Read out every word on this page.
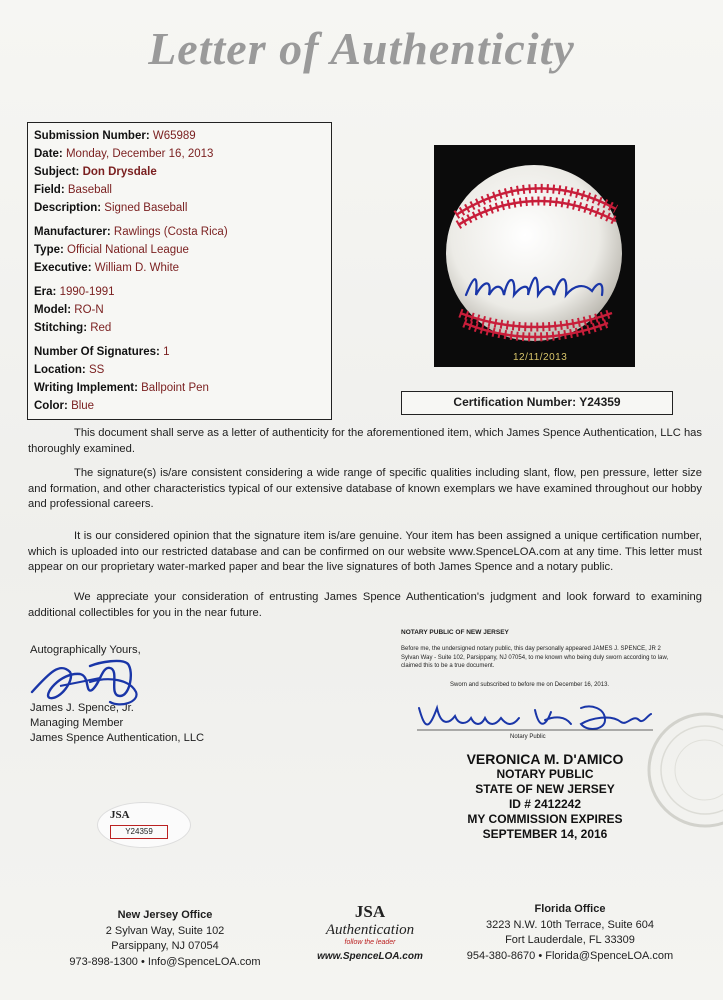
Letter of Authenticity
Submission Number: W65989
Date: Monday, December 16, 2013
Subject: Don Drysdale
Field: Baseball
Description: Signed Baseball
Manufacturer: Rawlings (Costa Rica)
Type: Official National League
Executive: William D. White
Era: 1990-1991
Model: RO-N
Stitching: Red
Number Of Signatures: 1
Location: SS
Writing Implement: Ballpoint Pen
Color: Blue
12/11/2013
Certification Number: Y24359
This document shall serve as a letter of authenticity for the aforementioned item, which James Spence Authentication, LLC has thoroughly examined.
The signature(s) is/are consistent considering a wide range of specific qualities including slant, flow, pen pressure, letter size and formation, and other characteristics typical of our extensive database of known exemplars we have examined throughout our hobby and professional careers.
It is our considered opinion that the signature item is/are genuine. Your item has been assigned a unique certification number, which is uploaded into our restricted database and can be confirmed on our website www.SpenceLOA.com at any time. This letter must appear on our proprietary water-marked paper and bear the live signatures of both James Spence and a notary public.
We appreciate your consideration of entrusting James Spence Authentication's judgment and look forward to examining additional collectibles for you in the near future.
Autographically Yours,
James J. Spence, Jr.
Managing Member
James Spence Authentication, LLC
NOTARY PUBLIC OF NEW JERSEY
Before me, the undersigned notary public, this day personally appeared JAMES J. SPENCE, JR 2 Sylvan Way - Suite 102, Parsippany, NJ 07054, to me known who being duly sworn according to law, claimed this to be a true document.
Sworn and subscribed to before me on December 16, 2013.
Notary Public
VERONICA M. D'AMICO
NOTARY PUBLIC
STATE OF NEW JERSEY
ID # 2412242
MY COMMISSION EXPIRES SEPTEMBER 14, 2016
JSA
Y24359
New Jersey Office
2 Sylvan Way, Suite 102
Parsippany, NJ 07054
973-898-1300 • Info@SpenceLOA.com
JSA
Authentication
follow the leader
www.SpenceLOA.com
Florida Office
3223 N.W. 10th Terrace, Suite 604
Fort Lauderdale, FL 33309
954-380-8670 • Florida@SpenceLOA.com
